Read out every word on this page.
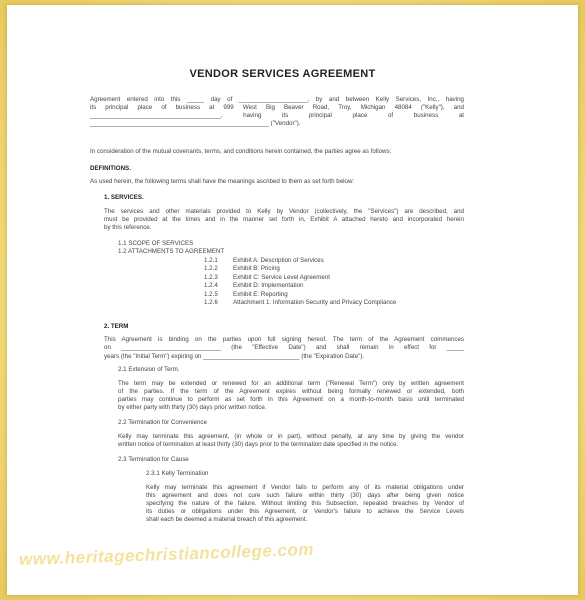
VENDOR SERVICES AGREEMENT
Agreement entered into this _____ day of ____________________, by and between Kelly Services, Inc., having
its principal place of business at 999 West Big Beaver Road, Troy, Michigan 48084 ("Kelly"), and
______________________________________, having its principal place of business at
____________________________________________________ ("Vendor").
In consideration of the mutual covenants, terms, and conditions herein contained, the parties agree as follows:
DEFINITIONS.
As used herein, the following terms shall have the meanings ascribed to them as set forth below:
1. SERVICES.
The services and other materials provided to Kelly by Vendor (collectively, the "Services") are described, and
must be provided at the times and in the manner set forth in, Exhibit A attached hereto and incorporated herein
by this reference.
1.1 SCOPE OF SERVICES
1.2 ATTACHMENTS TO AGREEMENT
1.2.1 Exhibit A: Description of Services
1.2.2 Exhibit B: Pricing
1.2.3 Exhibit C: Service Level Agreement
1.2.4 Exhibit D: Implementation
1.2.5 Exhibit E: Reporting
1.2.6 Attachment 1: Information Security and Privacy Compliance
2. TERM
This Agreement is binding on the parties upon full signing hereof. The term of the Agreement commences
on _____________________________ (the "Effective Date") and shall remain in effect for _____
years (the "Initial Term") expiring on ____________________________ (the "Expiration Date").
2.1 Extension of Term.
The term may be extended or renewed for an additional term ("Renewal Term") only by written agreement
of the parties. If the term of the Agreement expires without being formally renewed or extended, both
parties may continue to perform as set forth in this Agreement on a month-to-month basis until terminated
by either party with thirty (30) days prior written notice.
2.2 Termination for Convenience
Kelly may terminate this agreement, (in whole or in part), without penalty, at any time by giving the vendor
written notice of termination at least thirty (30) days prior to the termination date specified in the notice.
2.3 Termination for Cause
2.3.1 Kelly Termination
Kelly may terminate this agreement if Vendor fails to perform any of its material obligations under
this agreement and does not cure such failure within thirty (30) days after being given notice
specifying the nature of the failure. Without limiting this Subsection, repeated breaches by Vendor of
its duties or obligations under this Agreement, or Vendor's failure to achieve the Service Levels
shall each be deemed a material breach of this agreement.
www.heritagechristiancollege.com
